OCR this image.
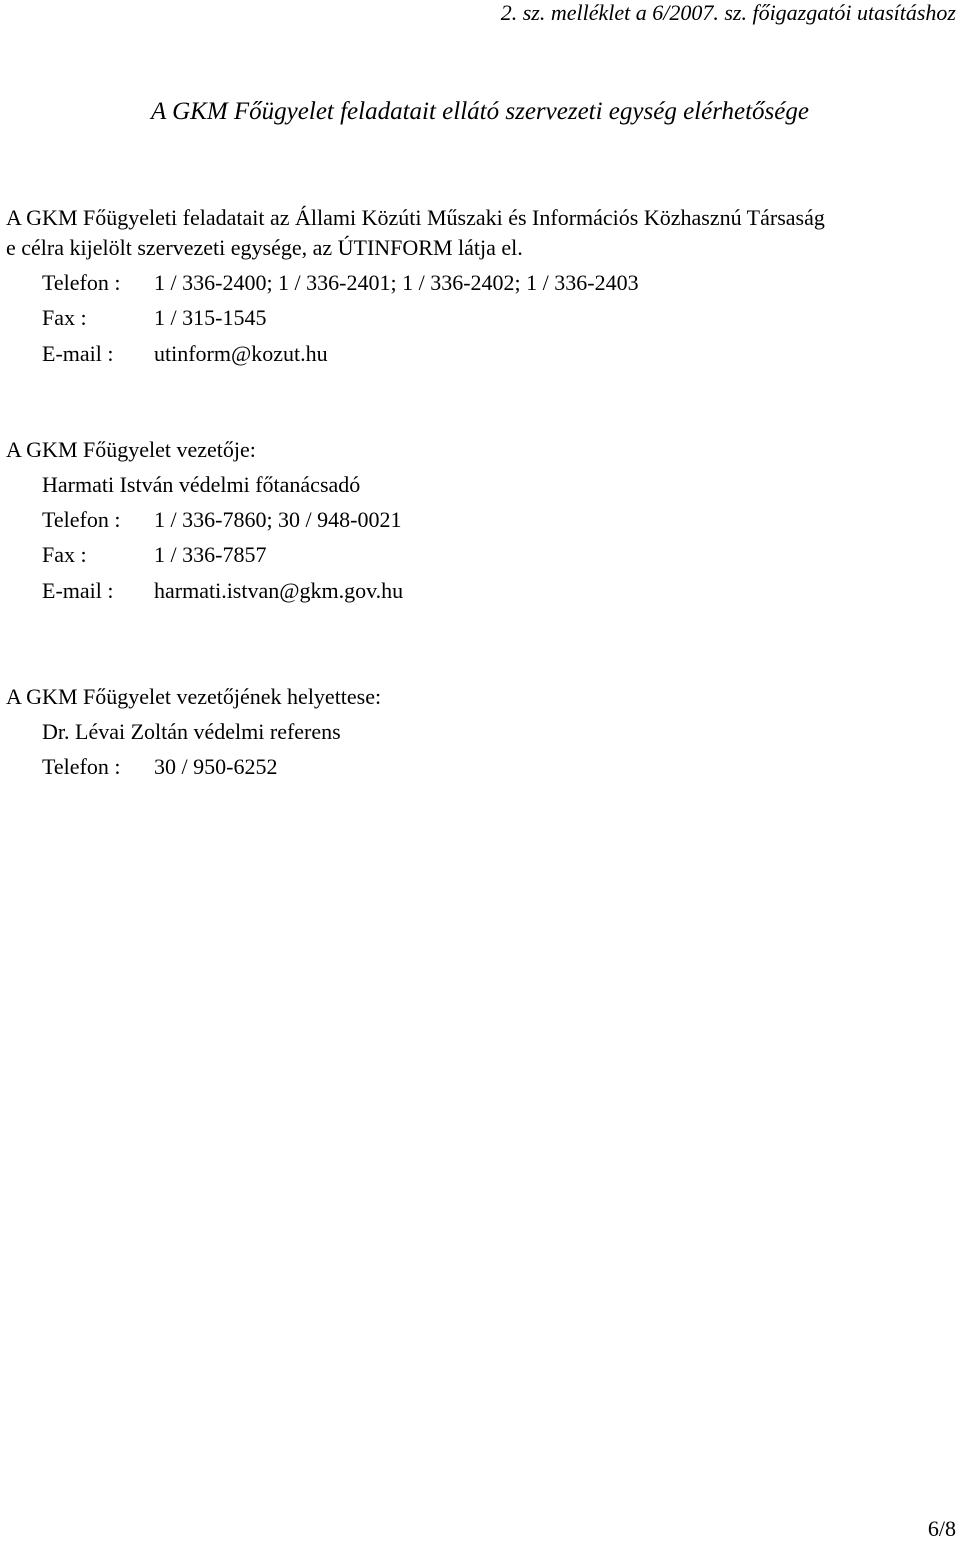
2. sz. melléklet a 6/2007. sz. főigazgatói utasításhoz
A GKM Főügyelet feladatait ellátó szervezeti egység elérhetősége

A GKM Főügyeleti feladatait az Állami Közúti Műszaki és Információs Közhasznú Társaság

e célra kijelölt szervezeti egysége, az ÚTINFORM látja el.

Telefon : 1 / 336-2400; 1 / 336-2401; 1 / 336-2402; 1 / 336-2403
Fax :	1 / 315-1545
E-mail : utinform@kozut.hu
A GKM Főügyelet vezetője:
Harmati István védelmi főtanácsadó
Telefon : 1 / 336-7860; 30 / 948-0021
Fax :	1 / 336-7857
E-mail : harmati.istvan@gkm.gov.hu
A GKM Főügyelet vezetőjének helyettese:
Dr. Lévai Zoltán védelmi referens
Telefon : 30 / 950-6252
6/8
